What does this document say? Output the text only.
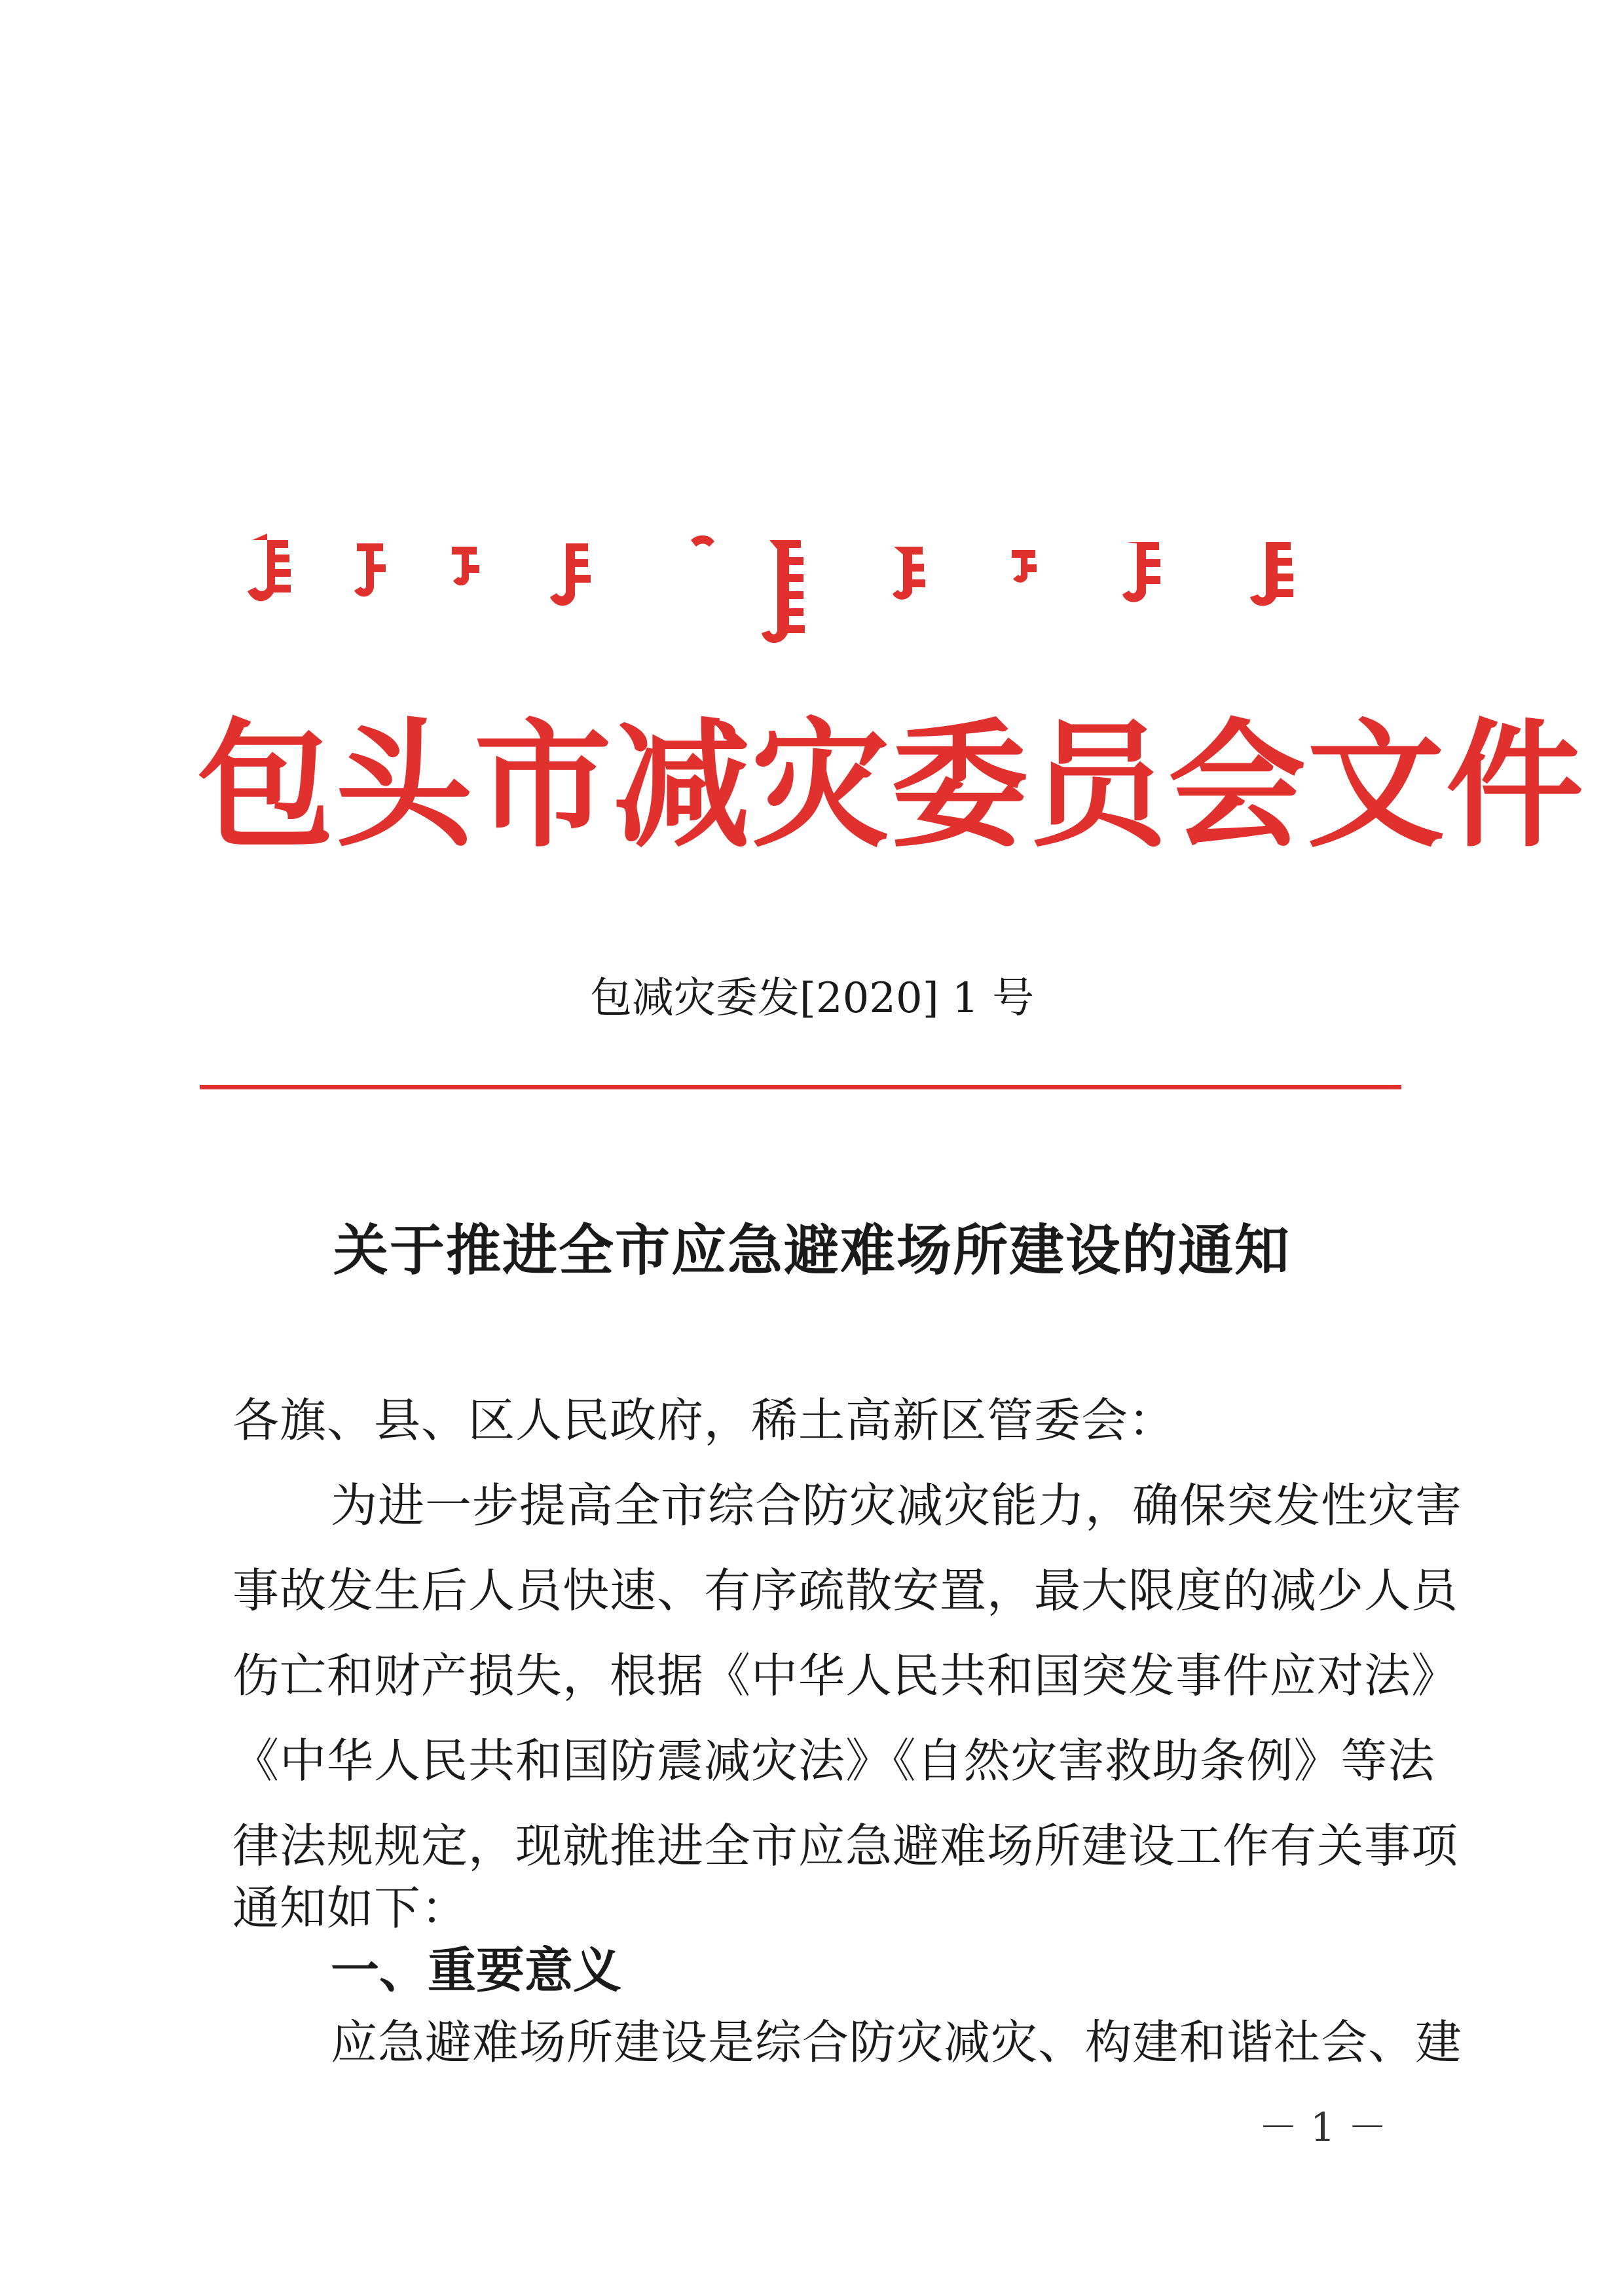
包头市减灾委员会文件
包减灾委发[2020] 1 号
关于推进全市应急避难场所建设的通知
各旗、县、区人民政府，稀土高新区管委会：
为进一步提高全市综合防灾减灾能力，确保突发性灾害
事故发生后人员快速、有序疏散安置，最大限度的减少人员
伤亡和财产损失，根据《中华人民共和国突发事件应对法》
《中华人民共和国防震减灾法》《自然灾害救助条例》等法
律法规规定，现就推进全市应急避难场所建设工作有关事项
通知如下：
一、重要意义
应急避难场所建设是综合防灾减灾、构建和谐社会、建
－ 1 －
